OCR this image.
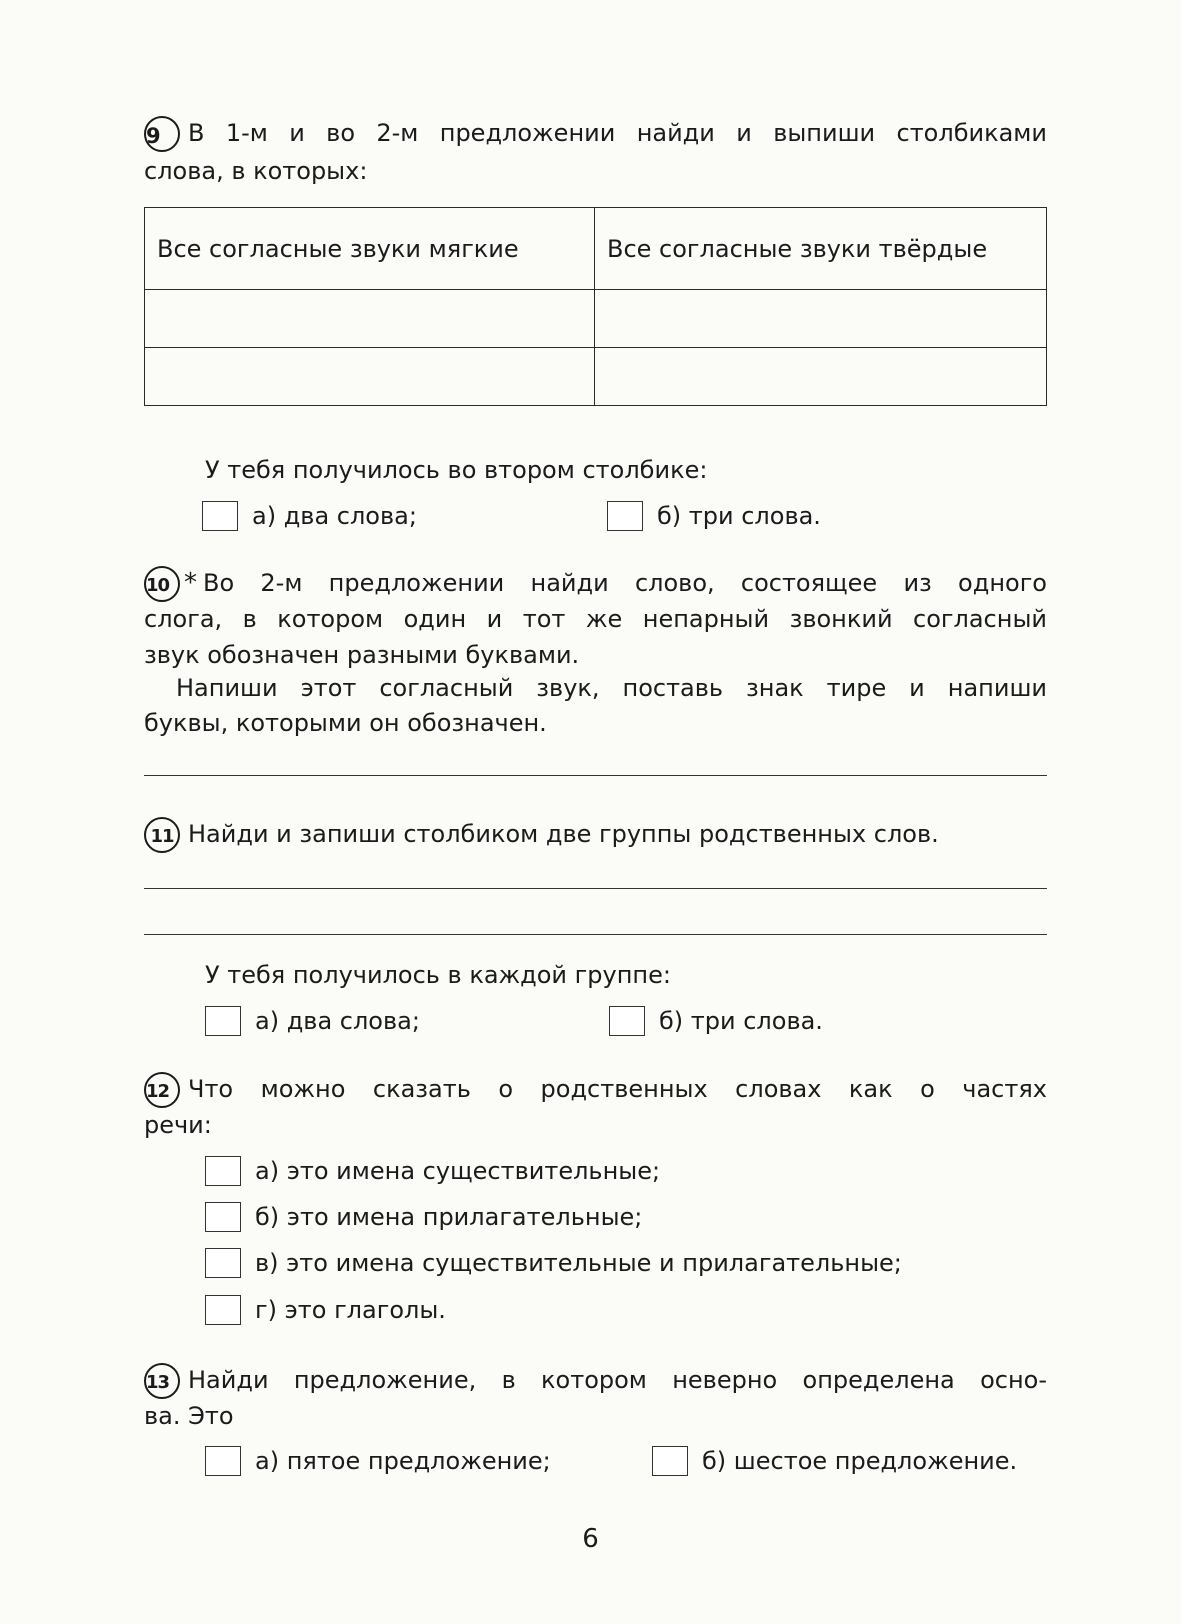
9 В 1-м и во 2-м предложении найди и выпиши столбиками
слова, в которых:
Все согласные звуки мягкие	Все согласные звуки твёрдые

У тебя получилось во втором столбике:
а) два слова;	б) три слова.
10 * Во 2-м предложении найди слово, состоящее из одного
слога, в котором один и тот же непарный звонкий согласный
звук обозначен разными буквами.
Напиши этот согласный звук, поставь знак тире и напиши
буквы, которыми он обозначен.
11 Найди и запиши столбиком две группы родственных слов.
У тебя получилось в каждой группе:
а) два слова;	б) три слова.
12 Что можно сказать о родственных словах как о частях
речи:
а) это имена существительные;
б) это имена прилагательные;
в) это имена существительные и прилагательные;
г) это глаголы.
13 Найди предложение, в котором неверно определена осно-
ва. Это
а) пятое предложение;	б) шестое предложение.
6
